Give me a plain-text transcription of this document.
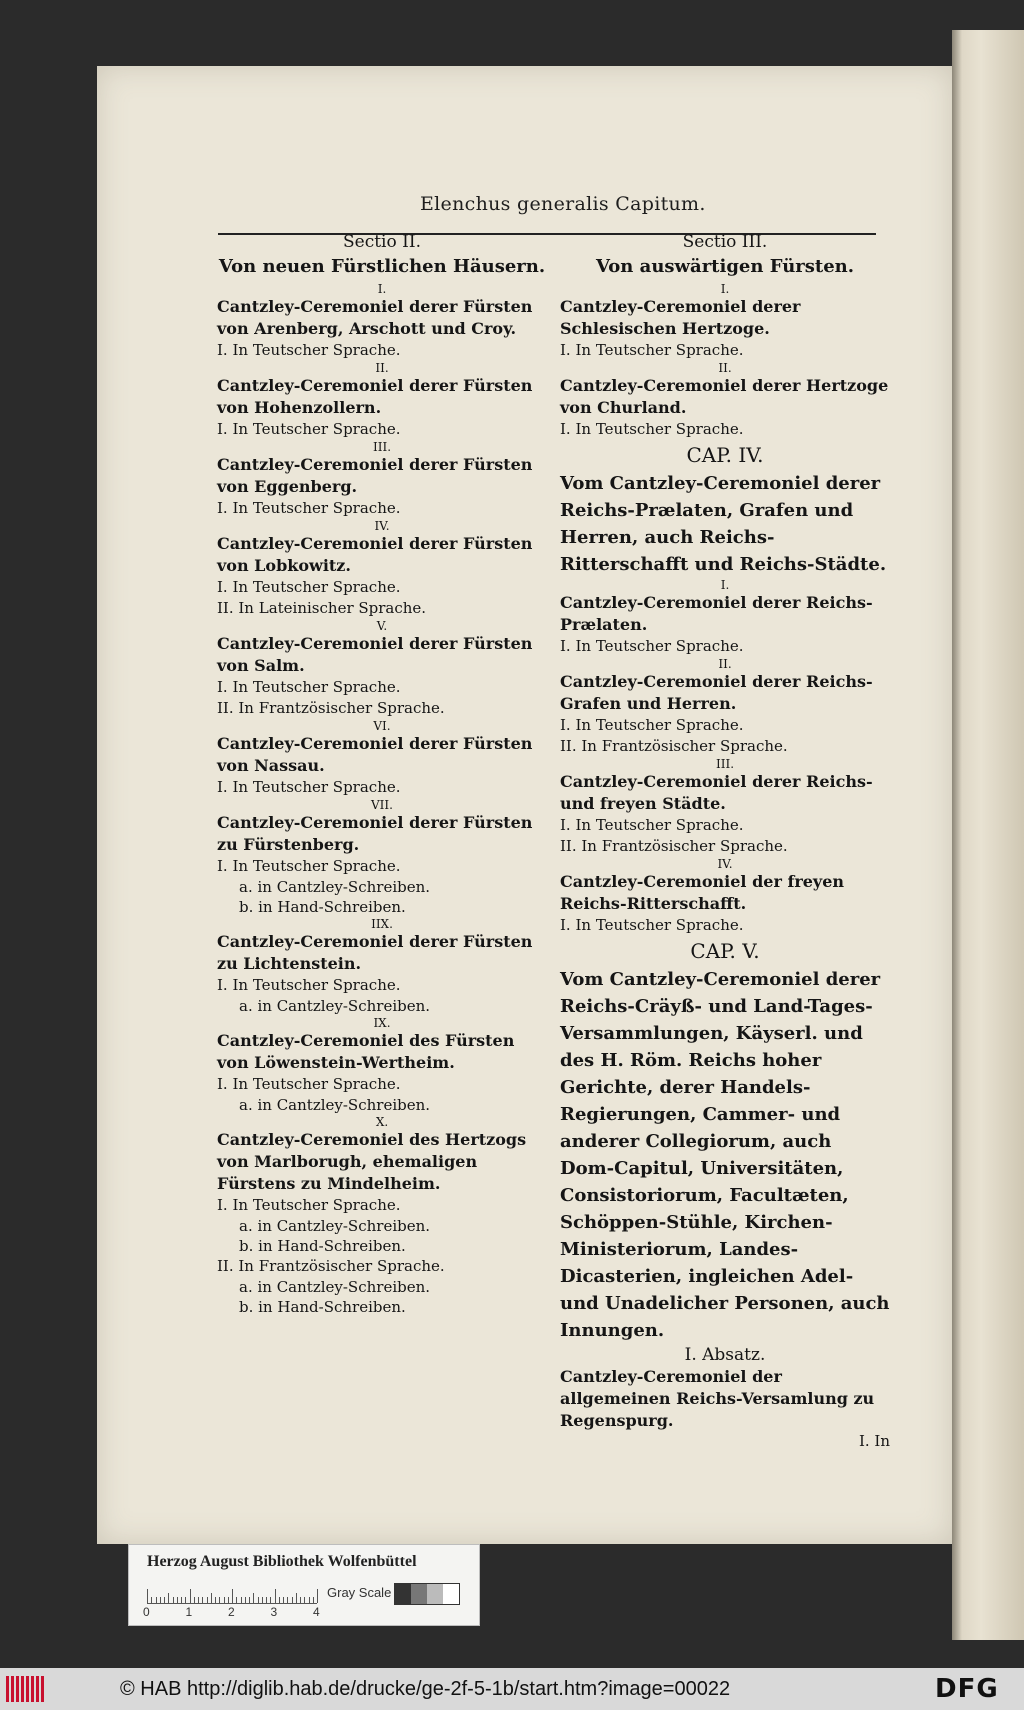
Elenchus generalis Capitum.
Sectio II.
Von neuen Fürstlichen Häusern.
I.
Cantzley-Ceremoniel derer Fürsten von Arenberg, Arschott und Croy.
I. In Teutscher Sprache.
II.
Cantzley-Ceremoniel derer Fürsten von Hohenzollern.
I. In Teutscher Sprache.
III.
Cantzley-Ceremoniel derer Fürsten von Eggenberg.
I. In Teutscher Sprache.
IV.
Cantzley-Ceremoniel derer Fürsten von Lobkowitz.
I. In Teutscher Sprache.
II. In Lateinischer Sprache.
V.
Cantzley-Ceremoniel derer Fürsten von Salm.
I. In Teutscher Sprache.
II. In Frantzösischer Sprache.
VI.
Cantzley-Ceremoniel derer Fürsten von Nassau.
I. In Teutscher Sprache.
VII.
Cantzley-Ceremoniel derer Fürsten zu Fürstenberg.
I. In Teutscher Sprache.
a. in Cantzley-Schreiben.
b. in Hand-Schreiben.
IIX.
Cantzley-Ceremoniel derer Fürsten zu Lichtenstein.
I. In Teutscher Sprache.
a. in Cantzley-Schreiben.
IX.
Cantzley-Ceremoniel des Fürsten von Löwenstein-Wertheim.
I. In Teutscher Sprache.
a. in Cantzley-Schreiben.
X.
Cantzley-Ceremoniel des Hertzogs von Marlborugh, ehemaligen Fürstens zu Mindelheim.
I. In Teutscher Sprache.
a. in Cantzley-Schreiben.
b. in Hand-Schreiben.
II. In Frantzösischer Sprache.
a. in Cantzley-Schreiben.
b. in Hand-Schreiben.
Sectio III.
Von auswärtigen Fürsten.
I.
Cantzley-Ceremoniel derer Schlesischen Hertzoge.
I. In Teutscher Sprache.
II.
Cantzley-Ceremoniel derer Hertzoge von Churland.
I. In Teutscher Sprache.
CAP. IV.
Vom Cantzley-Ceremoniel derer Reichs-Prælaten, Grafen und Herren, auch Reichs-Ritterschafft und Reichs-Städte.
I.
Cantzley-Ceremoniel derer Reichs-Prælaten.
I. In Teutscher Sprache.
II.
Cantzley-Ceremoniel derer Reichs-Grafen und Herren.
I. In Teutscher Sprache.
II. In Frantzösischer Sprache.
III.
Cantzley-Ceremoniel derer Reichs- und freyen Städte.
I. In Teutscher Sprache.
II. In Frantzösischer Sprache.
IV.
Cantzley-Ceremoniel der freyen Reichs-Ritterschafft.
I. In Teutscher Sprache.
CAP. V.
Vom Cantzley-Ceremoniel derer Reichs-Cräyß- und Land-Tages-Versammlungen, Käyserl. und des H. Röm. Reichs hoher Gerichte, derer Handels-Regierungen, Cammer- und anderer Collegiorum, auch Dom-Capitul, Universitäten, Consistoriorum, Facultæten, Schöppen-Stühle, Kirchen-Ministeriorum, Landes-Dicasterien, ingleichen Adel- und Unadelicher Personen, auch Innungen.
I. Absatz.
Cantzley-Ceremoniel der allgemeinen Reichs-Versamlung zu Regenspurg.
I. In
Herzog August Bibliothek Wolfenbüttel
0	1	2	3	4
Gray Scale
© HAB http://diglib.hab.de/drucke/ge-2f-5-1b/start.htm?image=00022	DFG
